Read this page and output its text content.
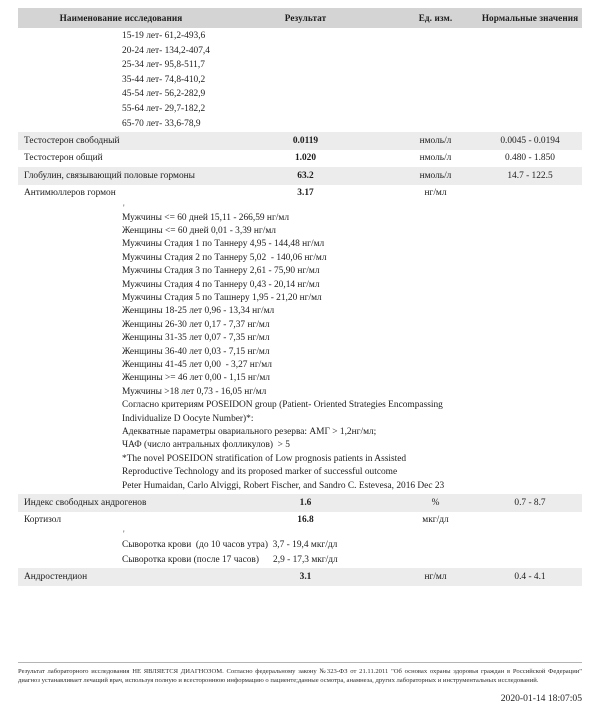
Наименование исследования	Результат	Ед. изм.	Нормальные значения

15-19 лет- 61,2-493,6
20-24 лет- 134,2-407,4
25-34 лет- 95,8-511,7
35-44 лет- 74,8-410,2
45-54 лет- 56,2-282,9
55-64 лет- 29,7-182,2
65-70 лет- 33,6-78,9

Тестостерон свободный	0.0119	нмоль/л	0.0045 - 0.0194
Тестостерон общий	1.020	нмоль/л	0.480 - 1.850
Глобулин, связывающий половые гормоны	63.2	нмоль/л	14.7 - 122.5
Антимюллеров гормон	3.17	нг/мл	

'
Мужчины <= 60 дней 15,11 - 266,59 нг/мл
Женщины <= 60 дней 0,01 - 3,39 нг/мл
Мужчины Стадия 1 по Таннеру 4,95 - 144,48 нг/мл
Мужчины Стадия 2 по Таннеру 5,02  - 140,06 нг/мл
Мужчины Стадия 3 по Таннеру 2,61 - 75,90 нг/мл
Мужчины Стадия 4 по Таннеру 0,43 - 20,14 нг/мл
Мужчины Стадия 5 по Ташнеру 1,95 - 21,20 нг/мл
Женщины 18-25 лет 0,96 - 13,34 нг/мл
Женщины 26-30 лет 0,17 - 7,37 нг/мл
Женщины 31-35 лет 0,07 - 7,35 нг/мл
Женщины 36-40 лет 0,03 - 7,15 нг/мл
Женщины 41-45 лет 0,00  - 3,27 нг/мл
Женщины >= 46 лет 0,00 - 1,15 нг/мл
Мужчины >18 лет 0,73 - 16,05 нг/мл
Согласно критериям POSEIDON group (Patient- Oriented Strategies Encompassing
Individualize D Oocyte Number)*:
Адекватные параметры овариального резерва: АМГ > 1,2нг/мл;
ЧАФ (число антральных фолликулов)  > 5
*The novel POSEIDON stratification of Low prognosis patients in Assisted
Reproductive Technology and its proposed marker of successful outcome
Peter Humaidan, Carlo Alviggi, Robert Fischer, and Sandro C. Estevesa, 2016 Dec 23

Индекс свободных андрогенов	1.6	%	0.7 - 8.7
Кортизол	16.8	мкг/дл	

'
Сыворотка крови  (до 10 часов утра)  3,7 - 19,4 мкг/дл
Сыворотка крови (после 17 часов)      2,9 - 17,3 мкг/дл			

Андростендион	3.1	нг/мл	0.4 - 4.1

Результат лабораторного исследования НЕ ЯВЛЯЕТСЯ ДИАГНОЗОМ. Согласно федеральному закону №323-ФЗ от 21.11.2011 "Об основах охраны здоровья граждан в Российской Федерации" диагноз устанавливает лечащий врач, используя полную и всестороннюю информацию о пациенте;данные осмотра, анамнеза, других лабораторных и инструментальных исследований.

2020-01-14 18:07:05
